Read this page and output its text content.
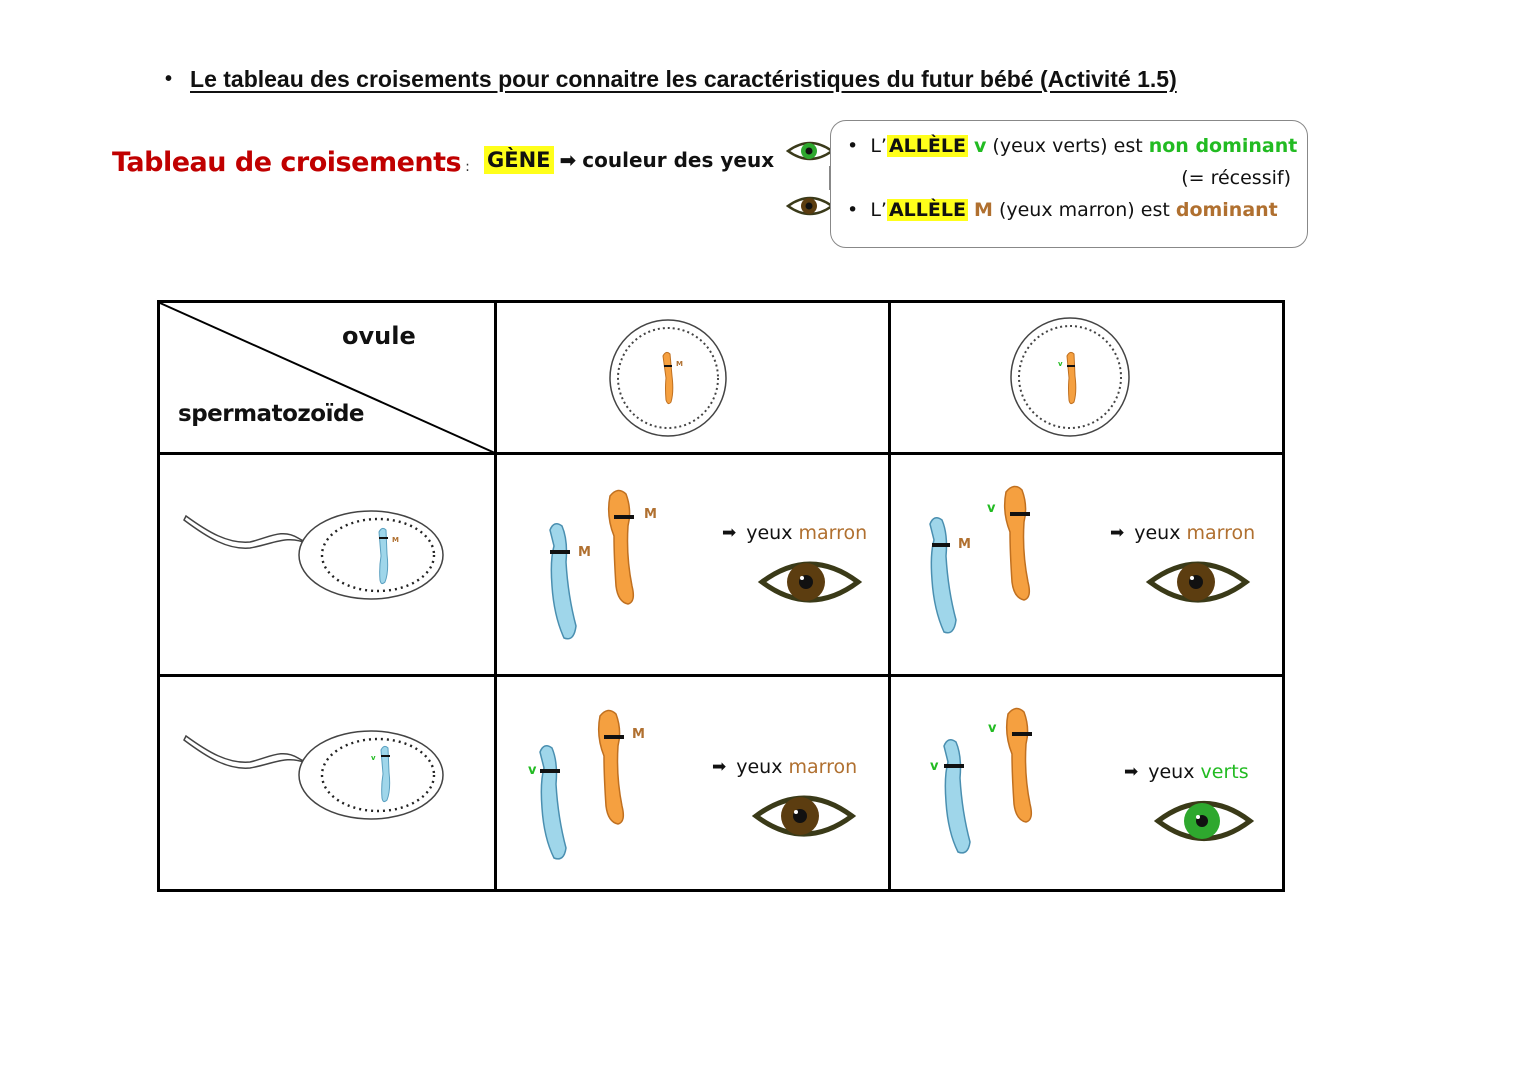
• Le tableau des croisements pour connaitre les caractéristiques du futur bébé (Activité 1.5)
Tableau de croisements : GÈNE ➡ couleur des yeux
• L’ ALLÈLE v (yeux verts) est non dominant
(= récessif)
• L’ ALLÈLE M (yeux marron) est dominant
ovule
spermatozoïde
M	v
M
v
M
M
➡ yeux marron
M
v
➡ yeux marron
v
M
➡ yeux marron	v
v
➡ yeux verts
